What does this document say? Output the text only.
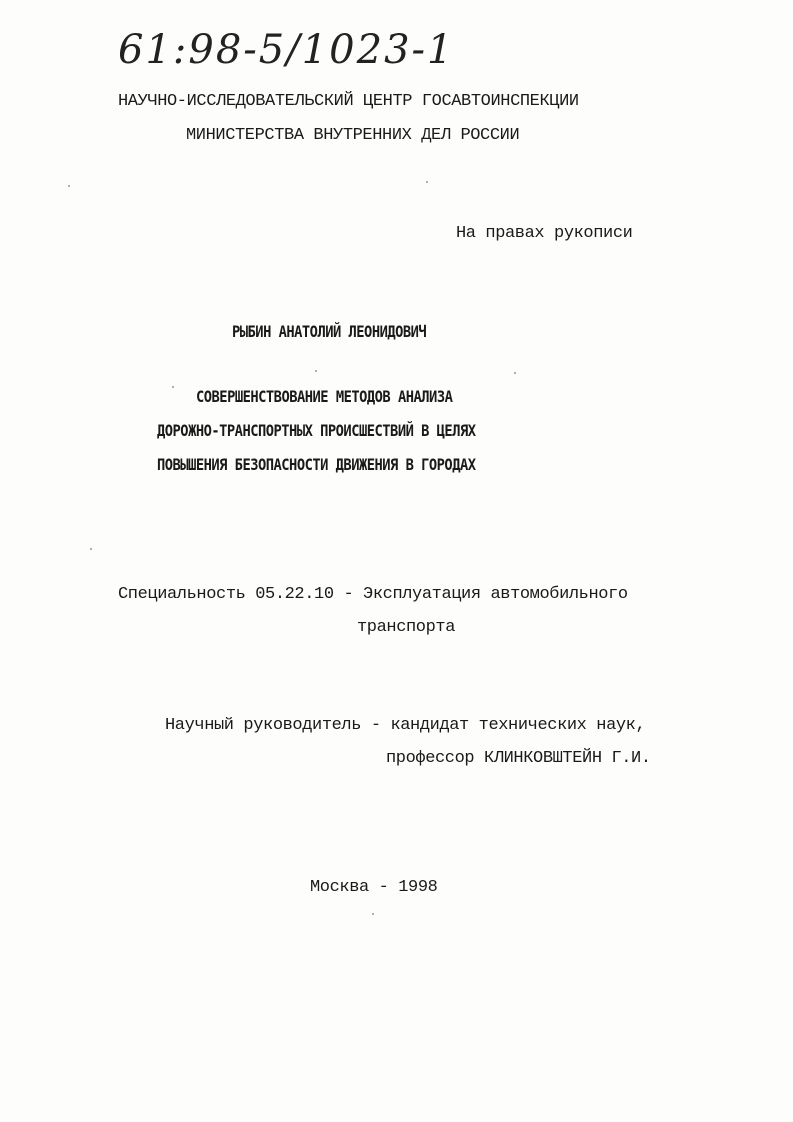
61:98-5/1023-1
НАУЧНО-ИССЛЕДОВАТЕЛЬСКИЙ ЦЕНТР ГОСАВТОИНСПЕКЦИИ
МИНИСТЕРСТВА ВНУТРЕННИХ ДЕЛ РОССИИ
На правах рукописи
РЫБИН АНАТОЛИЙ ЛЕОНИДОВИЧ
СОВЕРШЕНСТВОВАНИЕ МЕТОДОВ АНАЛИЗА
ДОРОЖНО-ТРАНСПОРТНЫХ ПРОИСШЕСТВИЙ В ЦЕЛЯХ
ПОВЫШЕНИЯ БЕЗОПАСНОСТИ ДВИЖЕНИЯ В ГОРОДАХ
Специальность 05.22.10 - Эксплуатация автомобильного
транспорта
Научный руководитель - кандидат технических наук,
профессор КЛИНКОВШТЕЙН Г.И.
Москва - 1998
